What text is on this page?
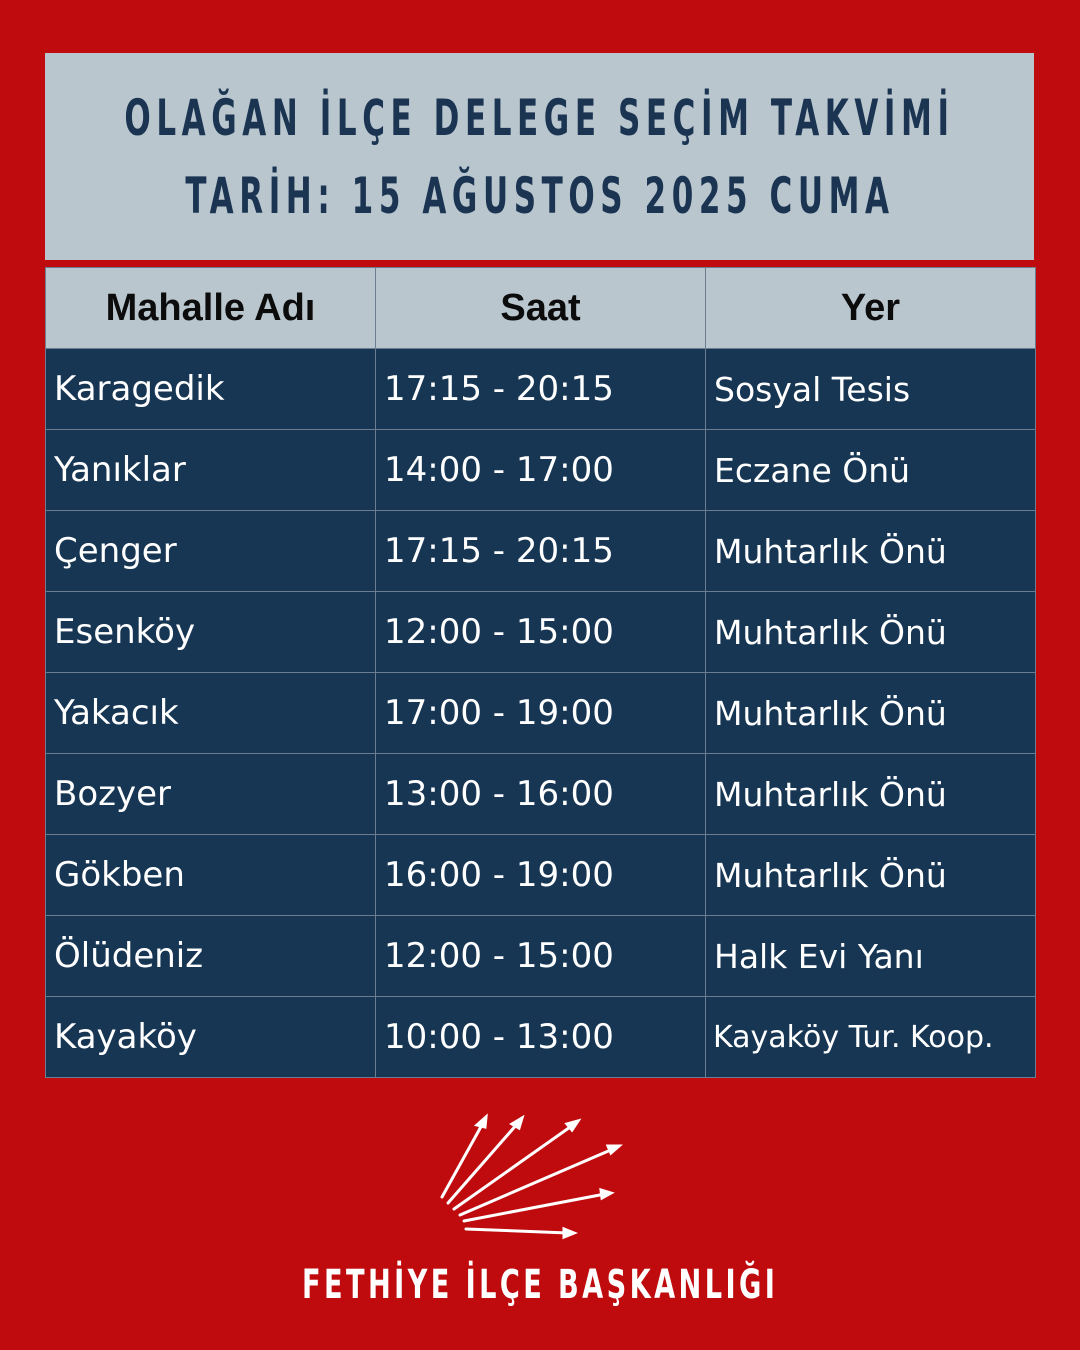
OLAĞAN İLÇE DELEGE SEÇİM TAKVİMİ
TARİH: 15 AĞUSTOS 2025 CUMA
Mahalle Adı	Saat	Yer
Karagedik	17:15 - 20:15	Sosyal Tesis
Yanıklar	14:00 - 17:00	Eczane Önü
Çenger	17:15 - 20:15	Muhtarlık Önü
Esenköy	12:00 - 15:00	Muhtarlık Önü
Yakacık	17:00 - 19:00	Muhtarlık Önü
Bozyer	13:00 - 16:00	Muhtarlık Önü
Gökben	16:00 - 19:00	Muhtarlık Önü
Ölüdeniz	12:00 - 15:00	Halk Evi Yanı
Kayaköy	10:00 - 13:00	Kayaköy Tur. Koop.
FETHİYE İLÇE BAŞKANLIĞI
